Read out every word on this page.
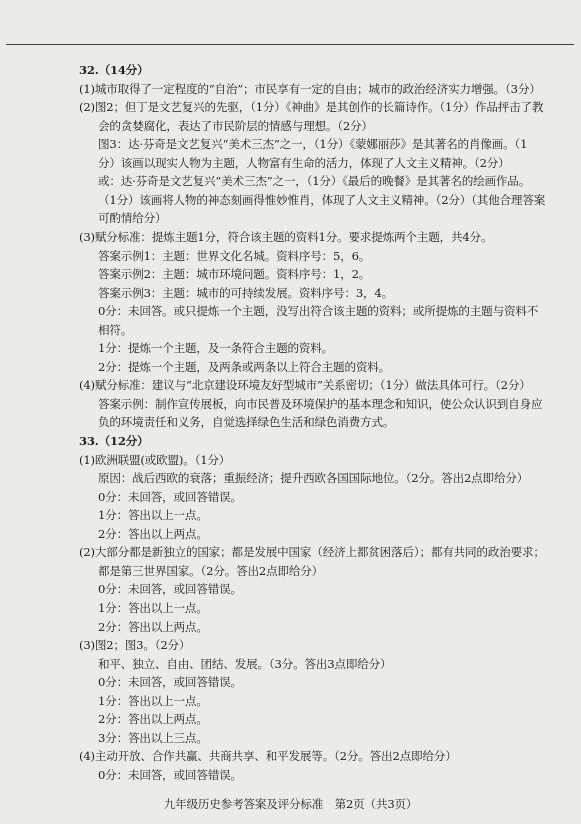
32.（14分）
(1)城市取得了一定程度的“自治”；市民享有一定的自由；城市的政治经济实力增强。（3分）
(2)图2；但丁是文艺复兴的先驱，（1分）《神曲》是其创作的长篇诗作。（1分）作品抨击了教
会的贪婪腐化，表达了市民阶层的情感与理想。（2分）
图3：达·芬奇是文艺复兴“美术三杰”之一，（1分）《蒙娜丽莎》是其著名的肖像画。（1
分）该画以现实人物为主题，人物富有生命的活力，体现了人文主义精神。（2分）
或：达·芬奇是文艺复兴“美术三杰”之一，（1分）《最后的晚餐》是其著名的绘画作品。
（1分）该画将人物的神态刻画得惟妙惟肖，体现了人文主义精神。（2分）（其他合理答案
可酌情给分）
(3)赋分标准：提炼主题1分，符合该主题的资料1分。要求提炼两个主题，共4分。
答案示例1：主题：世界文化名城。资料序号：5，6。
答案示例2：主题：城市环境问题。资料序号：1，2。
答案示例3：主题：城市的可持续发展。资料序号：3，4。
0分：未回答。或只提炼一个主题，没写出符合该主题的资料；或所提炼的主题与资料不
相符。
1分：提炼一个主题，及一条符合主题的资料。
2分：提炼一个主题，及两条或两条以上符合主题的资料。
(4)赋分标准：建议与“北京建设环境友好型城市”关系密切；（1分）做法具体可行。（2分）
答案示例：制作宣传展板，向市民普及环境保护的基本理念和知识，使公众认识到自身应
负的环境责任和义务，自觉选择绿色生活和绿色消费方式。
33.（12分）
(1)欧洲联盟(或欧盟)。（1分）
原因：战后西欧的衰落；重振经济；提升西欧各国国际地位。（2分。答出2点即给分）
0分：未回答，或回答错误。
1分：答出以上一点。
2分：答出以上两点。
(2)大部分都是新独立的国家；都是发展中国家（经济上都贫困落后）；都有共同的政治要求；
都是第三世界国家。（2分。答出2点即给分）
0分：未回答，或回答错误。
1分：答出以上一点。
2分：答出以上两点。
(3)图2；图3。（2分）
和平、独立、自由、团结、发展。（3分。答出3点即给分）
0分：未回答，或回答错误。
1分：答出以上一点。
2分：答出以上两点。
3分：答出以上三点。
(4)主动开放、合作共赢、共商共享、和平发展等。（2分。答出2点即给分）
0分：未回答，或回答错误。
九年级历史参考答案及评分标准　第2页（共3页）
